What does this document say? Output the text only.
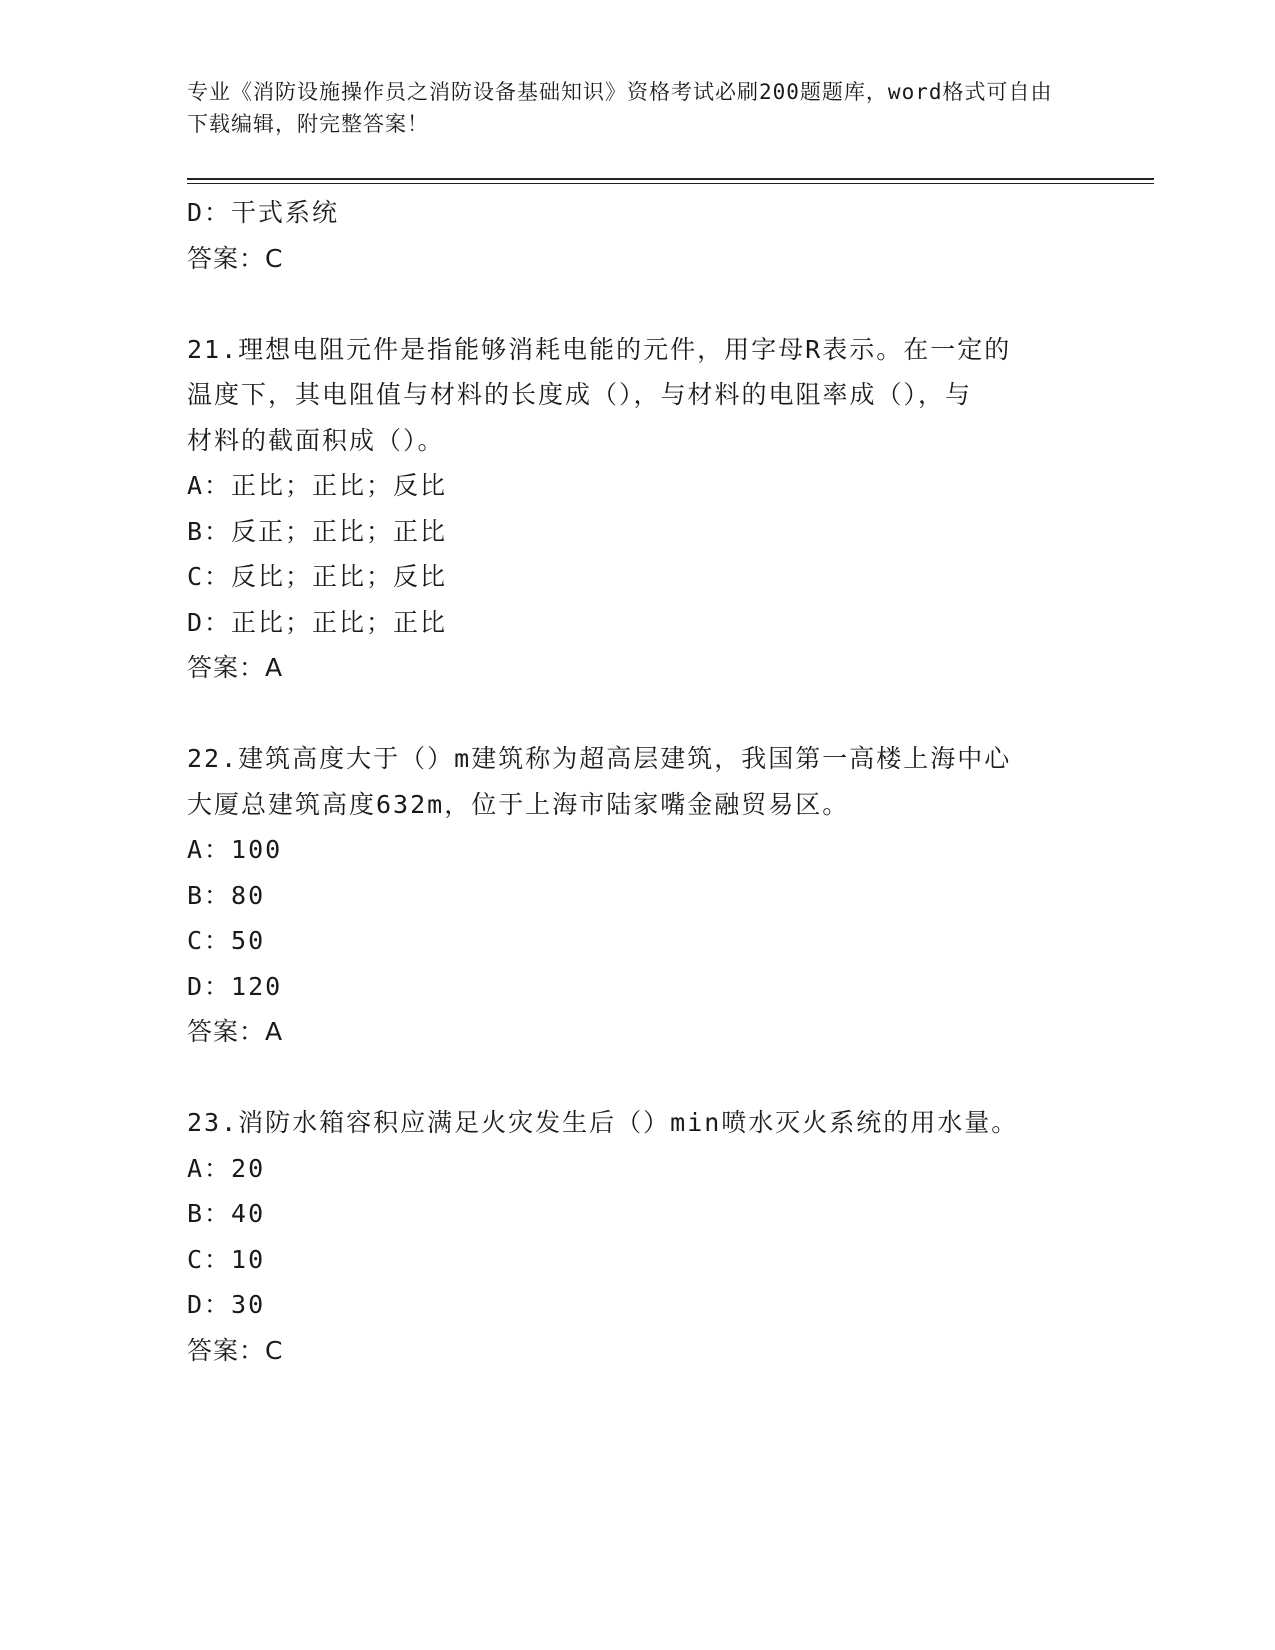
专业《消防设施操作员之消防设备基础知识》资格考试必刷200题题库，word格式可自由下载编辑，附完整答案！
D：干式系统
答案：C
21.理想电阻元件是指能够消耗电能的元件，用字母R表示。在一定的
温度下，其电阻值与材料的长度成（），与材料的电阻率成（），与
材料的截面积成（）。
A：正比；正比；反比
B：反正；正比；正比
C：反比；正比；反比
D：正比；正比；正比
答案：A
22.建筑高度大于（）m建筑称为超高层建筑，我国第一高楼上海中心
大厦总建筑高度632m，位于上海市陆家嘴金融贸易区。
A：100
B：80
C：50
D：120
答案：A
23.消防水箱容积应满足火灾发生后（）min喷水灭火系统的用水量。
A：20
B：40
C：10
D：30
答案：C
